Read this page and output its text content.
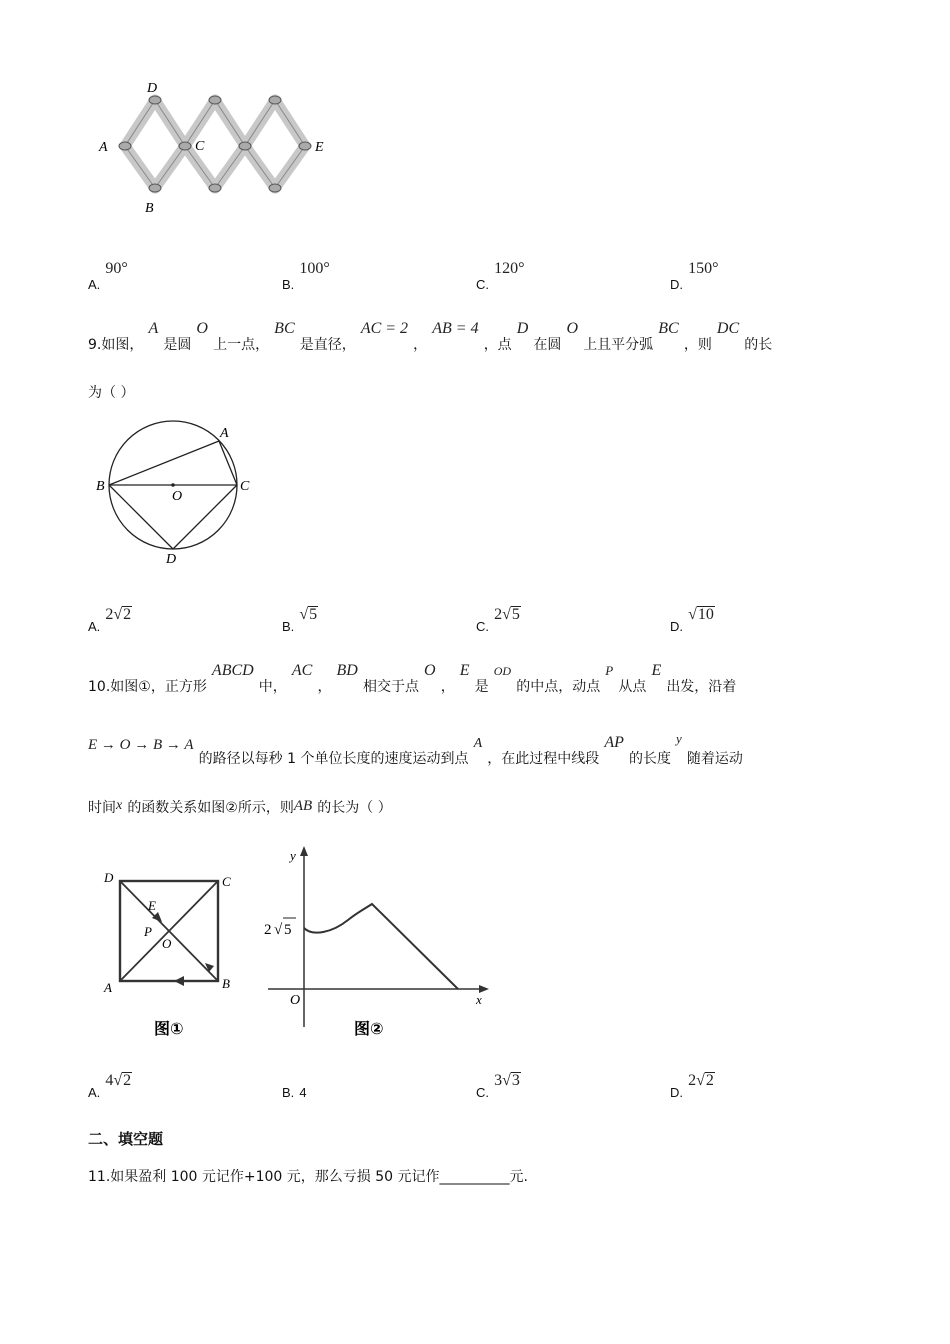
A
D
C	E
B
$_{A.}$ 90°
$_{B.}$ 100°
$_{C.}$ 120°
$_{D.}$ 150°
9.如图， A 是圆 O 上一点， BC 是直径， AC = 2 ， AB = 4 ，点 D 在圆 O 上且平分弧 BC ，则 DC 的长
为（ ）
A
B	C
O
D
$_{A.}$ 2√2
$_{B.}$ √5
$_{C.}$ 2√5
$_{D.}$ √10
10.如图①，正方形 ABCD 中， AC ， BD 相交于点 O ， E 是 OD 的中点，动点 P 从点 E 出发，沿着
E → O → B → A 的路径以每秒 1 个单位长度的速度运动到点 A ，在此过程中线段 AP 的长度 $^y$ 随着运动
时间x 的函数关系如图②所示，则AB 的长为（ ）
D	C
A	B
E
P
O
图①
y
x
O
2 √ 5
图②
$_{A.}$ 4√2
B. 4	$_{C.}$ 3√3
$_{D.}$ 2√2
二、填空题
11.如果盈利 100 元记作+100 元，那么亏损 50 元记作__________元.
